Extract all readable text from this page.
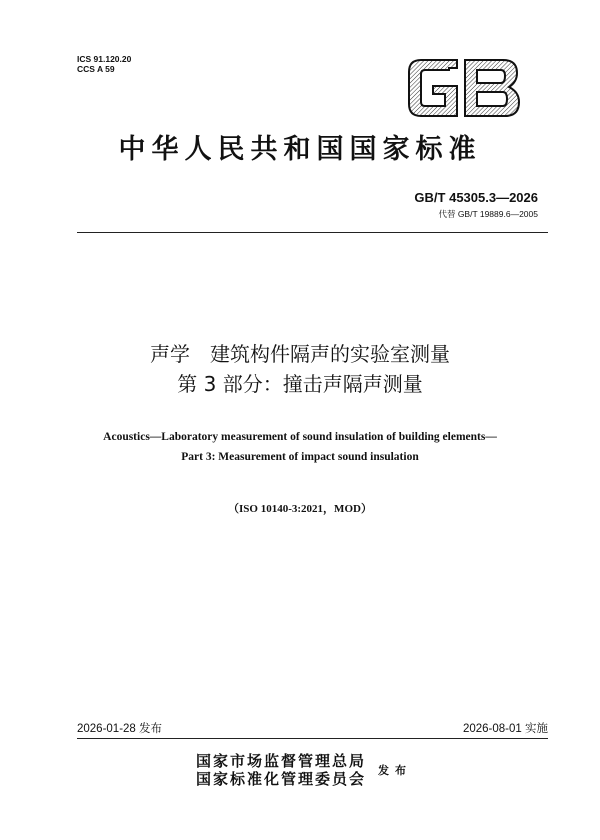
ICS 91.120.20
CCS A 59
GB
中华人民共和国国家标准
GB/T 45305.3—2026
代替 GB/T 19889.6—2005
声学　建筑构件隔声的实验室测量
第 3 部分：撞击声隔声测量
Acoustics—Laboratory measurement of sound insulation of building elements—
Part 3: Measurement of impact sound insulation
（ISO 10140-3:2021，MOD）
2026-01-28 发布	2026-08-01 实施
国家市场监督管理总局
国家标准化管理委员会 发布
